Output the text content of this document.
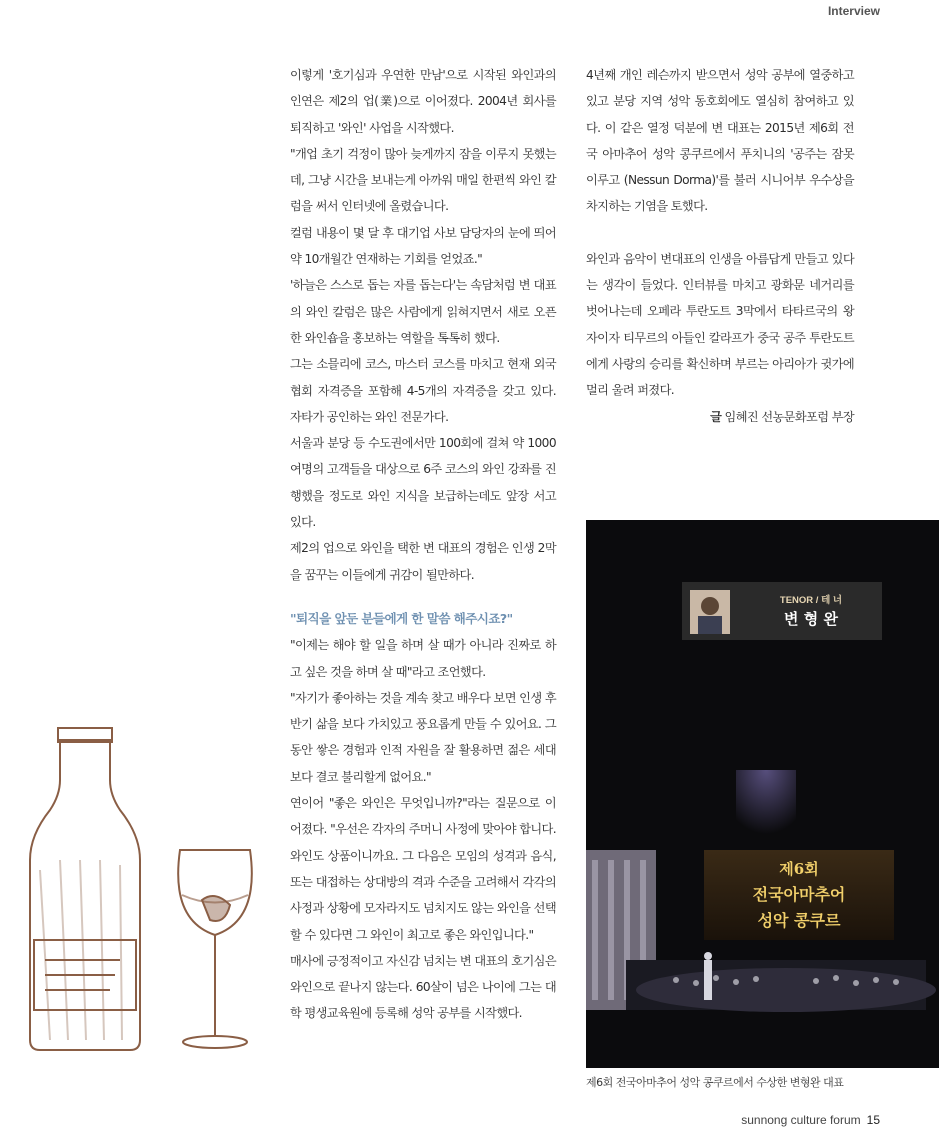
Interview

이렇게 '호기심과 우연한 만남'으로 시작된 와인과의 인연은 제2의 업(業)으로 이어졌다. 2004년 회사를 퇴직하고 '와인' 사업을 시작했다.

"개업 초기 걱정이 많아 늦게까지 잠을 이루지 못했는데, 그냥 시간을 보내는게 아까워 매일 한편씩 와인 칼럼을 써서 인터넷에 올렸습니다.

컬럼 내용이 몇 달 후 대기업 사보 담당자의 눈에 띄어 약 10개월간 연재하는 기회를 얻었죠."

'하늘은 스스로 돕는 자를 돕는다'는 속담처럼 변 대표의 와인 칼럼은 많은 사람에게 읽혀지면서 새로 오픈한 와인숍을 홍보하는 역할을 톡톡히 했다.

그는 소믈리에 코스, 마스터 코스를 마치고 현재 외국협회 자격증을 포함해 4-5개의 자격증을 갖고 있다. 자타가 공인하는 와인 전문가다.

서울과 분당 등 수도권에서만 100회에 걸쳐 약 1000여명의 고객들을 대상으로 6주 코스의 와인 강좌를 진행했을 정도로 와인 지식을 보급하는데도 앞장 서고 있다.

제2의 업으로 와인을 택한 변 대표의 경험은 인생 2막을 꿈꾸는 이들에게 귀감이 될만하다.

"퇴직을 앞둔 분들에게 한 말씀 해주시죠?"

"이제는 해야 할 일을 하며 살 때가 아니라 진짜로 하고 싶은 것을 하며 살 때"라고 조언했다.

"자기가 좋아하는 것을 계속 찾고 배우다 보면 인생 후반기 삶을 보다 가치있고 풍요롭게 만들 수 있어요. 그동안 쌓은 경험과 인적 자원을 잘 활용하면 젊은 세대보다 결코 불리할게 없어요."

연이어 "좋은 와인은 무엇입니까?"라는 질문으로 이어졌다. "우선은 각자의 주머니 사정에 맞아야 합니다. 와인도 상품이니까요. 그 다음은 모임의 성격과 음식, 또는 대접하는 상대방의 격과 수준을 고려해서 각각의 사정과 상황에 모자라지도 넘치지도 않는 와인을 선택할 수 있다면 그 와인이 최고로 좋은 와인입니다."

매사에 긍정적이고 자신감 넘치는 변 대표의 호기심은 와인으로 끝나지 않는다. 60살이 넘은 나이에 그는 대학 평생교육원에 등록해 성악 공부를 시작했다.

4년째 개인 레슨까지 받으면서 성악 공부에 열중하고 있고 분당 지역 성악 동호회에도 열심히 참여하고 있다. 이 같은 열정 덕분에 변 대표는 2015년 제6회 전국 아마추어 성악 콩쿠르에서 푸치니의 '공주는 잠못 이루고 (Nessun Dorma)'를 불러 시니어부 우수상을 차지하는 기염을 토했다.

와인과 음악이 변대표의 인생을 아름답게 만들고 있다는 생각이 들었다. 인터뷰를 마치고 광화문 네거리를 벗어나는데 오페라 투란도트 3막에서 타타르국의 왕자이자 티무르의 아들인 칼라프가 중국 공주 투란도트에게 사랑의 승리를 확신하며 부르는 아리아가 귓가에 멀리 울려 퍼졌다.

글 임혜진 선농문화포럼 부장

TENOR / 테 너
변 형 완
제6회
전국아마추어
성악 콩쿠르
제6회 전국아마추어 성악 콩쿠르에서 수상한 변형완 대표
sunnong culture forum 15
